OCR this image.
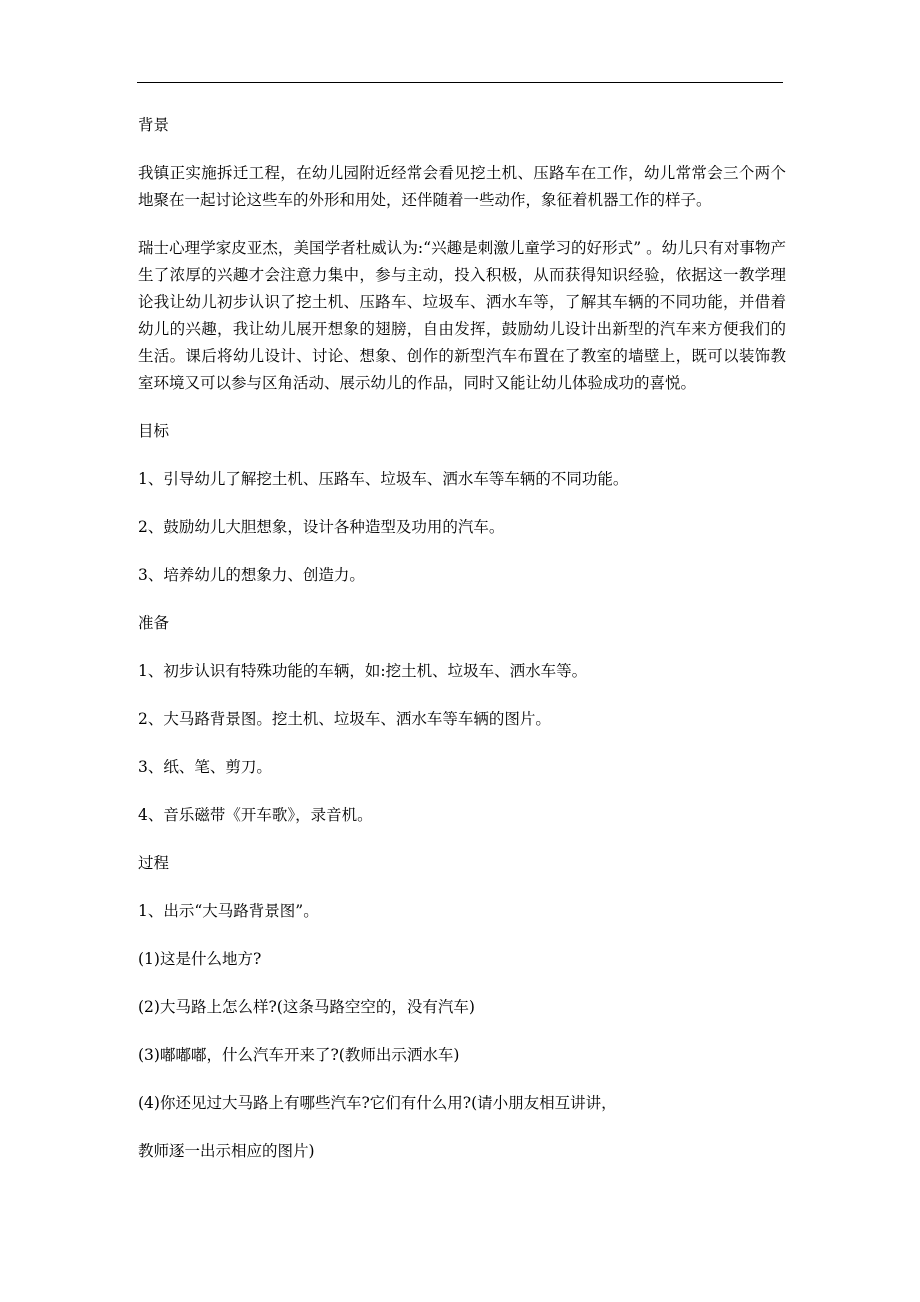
背景

我镇正实施拆迁工程，在幼儿园附近经常会看见挖土机、压路车在工作，幼儿常常会三个两个地聚在一起讨论这些车的外形和用处，还伴随着一些动作，象征着机器工作的样子。

瑞士心理学家皮亚杰，美国学者杜威认为:“兴趣是刺激儿童学习的好形式” 。幼儿只有对事物产生了浓厚的兴趣才会注意力集中，参与主动，投入积极，从而获得知识经验，依据这一教学理论我让幼儿初步认识了挖土机、压路车、垃圾车、洒水车等，了解其车辆的不同功能，并借着幼儿的兴趣，我让幼儿展开想象的翅膀，自由发挥，鼓励幼儿设计出新型的汽车来方便我们的生活。课后将幼儿设计、讨论、想象、创作的新型汽车布置在了教室的墙壁上，既可以装饰教室环境又可以参与区角活动、展示幼儿的作品，同时又能让幼儿体验成功的喜悦。

目标

1、引导幼儿了解挖土机、压路车、垃圾车、洒水车等车辆的不同功能。

2、鼓励幼儿大胆想象，设计各种造型及功用的汽车。

3、培养幼儿的想象力、创造力。

准备

1、初步认识有特殊功能的车辆，如:挖土机、垃圾车、洒水车等。

2、大马路背景图。挖土机、垃圾车、洒水车等车辆的图片。

3、纸、笔、剪刀。

4、音乐磁带《开车歌》，录音机。

过程

1、出示“大马路背景图”。

(1)这是什么地方?

(2)大马路上怎么样?(这条马路空空的，没有汽车)

(3)嘟嘟嘟，什么汽车开来了?(教师出示洒水车)

(4)你还见过大马路上有哪些汽车?它们有什么用?(请小朋友相互讲讲，

教师逐一出示相应的图片)
